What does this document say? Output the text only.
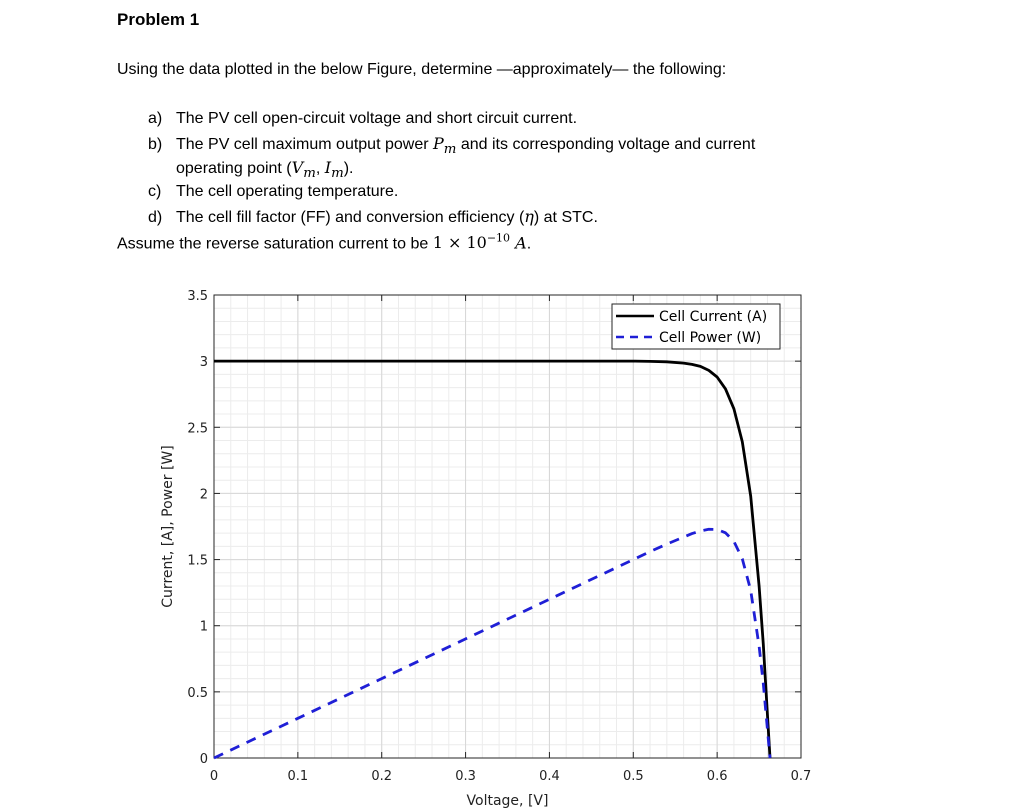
Problem 1
Using the data plotted in the below Figure, determine —approximately— the following:
a) The PV cell open-circuit voltage and short circuit current.
b) The PV cell maximum output power $P_m$ and its corresponding voltage and current
operating point ($V_m$, $I_m$).
c) The cell operating temperature.
d) The cell fill factor (FF) and conversion efficiency (η) at STC.
Assume the reverse saturation current to be $1 \times 10^{-10}$ A.
0	0.1	0.2	0.3	0.4	0.5	0.6	0.7
0
0.5
1
1.5
2
2.5
3
3.5
Voltage, [V]
Current, [A], Power [W]
Cell Current (A)
Cell Power (W)
